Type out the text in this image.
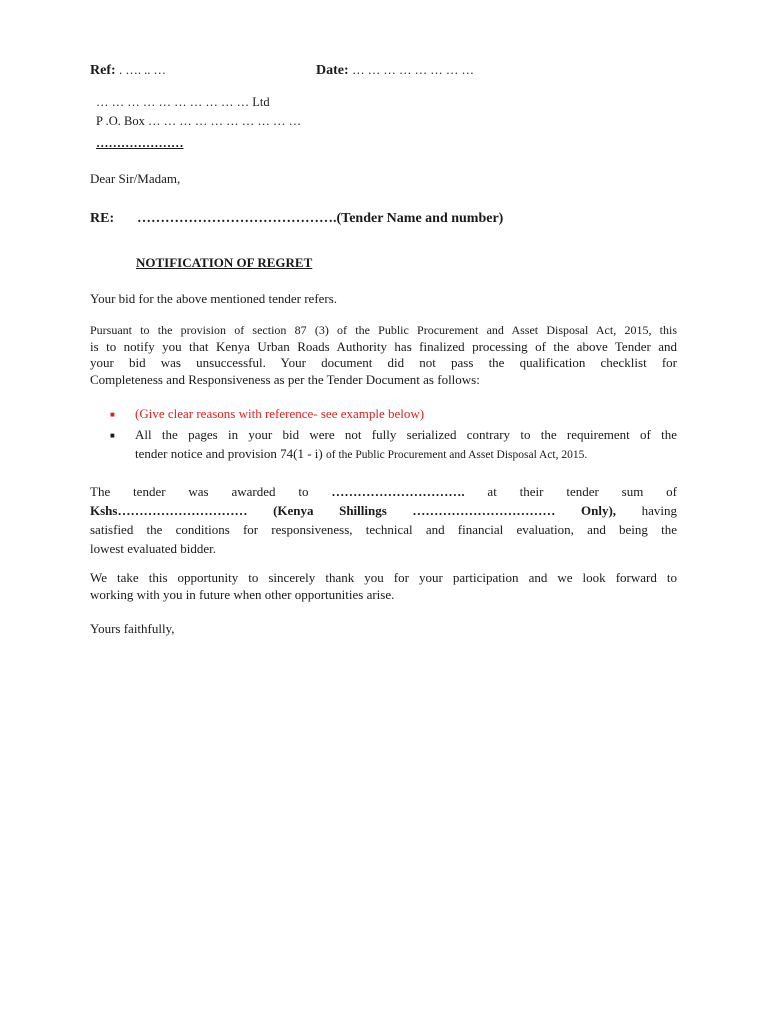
Ref: . …. .. …	Date: … … … … … … … …
… … … … … … … … … … Ltd
P .O. Box … … … … … … … … … …
…………………
Dear Sir/Madam,
RE: …………………………………….(Tender Name and number)
NOTIFICATION OF REGRET
Your bid for the above mentioned tender refers.
Pursuant to the provision of section 87 (3) of the Public Procurement and Asset Disposal Act, 2015, this
is to notify you that Kenya Urban Roads Authority has finalized processing of the above Tender and
your bid was unsuccessful. Your document did not pass the qualification checklist for
Completeness and Responsiveness as per the Tender Document as follows:
■ (Give clear reasons with reference- see example below)
■ All the pages in your bid were not fully serialized contrary to the requirement of the
tender notice and provision 74(1 - i) of the Public Procurement and Asset Disposal Act, 2015.
The tender was awarded to …………………………. at their tender sum of
Kshs………………………… (Kenya Shillings …………………………… Only), having
satisfied the conditions for responsiveness, technical and financial evaluation, and being the
lowest evaluated bidder.
We take this opportunity to sincerely thank you for your participation and we look forward to
working with you in future when other opportunities arise.
Yours faithfully,
